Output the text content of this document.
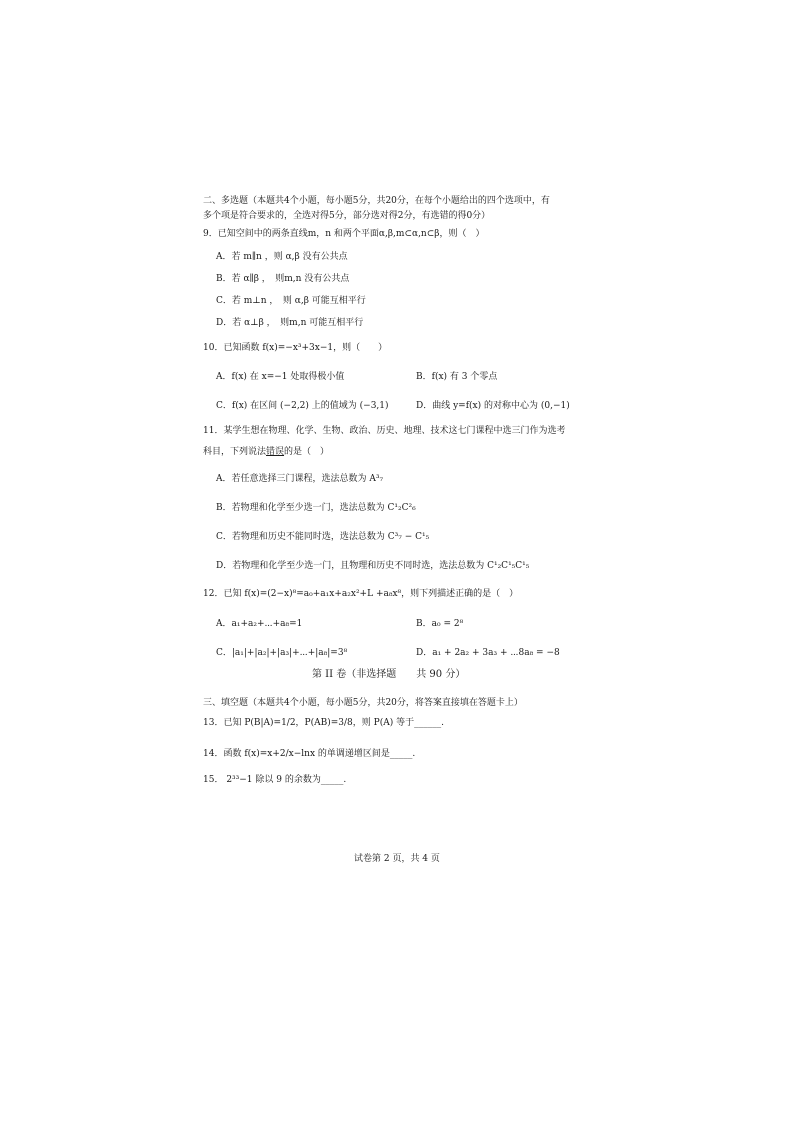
二、多选题（本题共4个小题，每小题5分，共20分，在每个小题给出的四个选项中，有
多个项是符合要求的，全选对得5分，部分选对得2分，有选错的得0分）
9．已知空间中的两条直线m，n 和两个平面α,β,m⊂α,n⊂β，则（　）
A．若 m∥n ，则 α,β 没有公共点
B．若 α∥β ，　则m,n 没有公共点
C．若 m⊥n ，　则 α,β 可能互相平行
D．若 α⊥β ，　则m,n 可能互相平行
10．已知函数 f(x)=−x³+3x−1，则（　　）
A．f(x) 在 x=−1 处取得极小值	B．f(x) 有 3 个零点
C．f(x) 在区间 (−2,2) 上的值域为 (−3,1)	D．曲线 y=f(x) 的对称中心为 (0,−1)
11．某学生想在物理、化学、生物、政治、历史、地理、技术这七门课程中选三门作为选考
科目，下列说法错误的是（　）
A．若任意选择三门课程，选法总数为 A³₇
B．若物理和化学至少选一门，选法总数为 C¹₂C²₆
C．若物理和历史不能同时选，选法总数为 C³₇ − C¹₅
D．若物理和化学至少选一门，且物理和历史不同时选，选法总数为 C¹₂C¹₅C¹₅
12．已知 f(x)=(2−x)⁸=a₀+a₁x+a₂x²+L +a₈x⁸，则下列描述正确的是（　）
A．a₁+a₂+⋯+a₈=1	B．a₀ = 2⁸
C．|a₁|+|a₂|+|a₃|+⋯+|a₈|=3⁸	D．a₁ + 2a₂ + 3a₃ + ⋯8a₈ = −8
第 II 卷（非选择题　　共 90 分）
三、填空题（本题共4个小题，每小题5分，共20分，将答案直接填在答题卡上）
13．已知 P(B|A)=1/2，P(AB)=3/8，则 P(A) 等于______.
14．函数 f(x)=x+2/x−lnx 的单调递增区间是_____.
15． 2³³−1 除以 9 的余数为_____.
试卷第 2 页，共 4 页
